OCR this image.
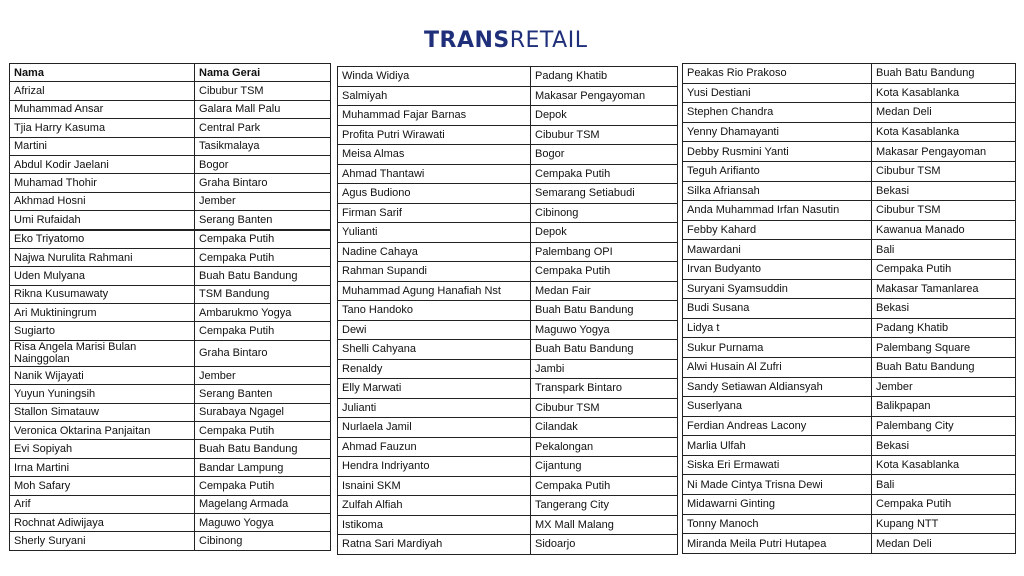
TRANSRETAIL
Nama	Nama Gerai
Afrizal	Cibubur TSM
Muhammad Ansar	Galara Mall Palu
Tjia Harry Kasuma	Central Park
Martini	Tasikmalaya
Abdul Kodir Jaelani	Bogor
Muhamad Thohir	Graha Bintaro
Akhmad Hosni	Jember
Umi Rufaidah	Serang Banten
Eko Triyatomo	Cempaka Putih
Najwa Nurulita Rahmani	Cempaka Putih
Uden Mulyana	Buah Batu Bandung
Rikna Kusumawaty	TSM Bandung
Ari Muktiningrum	Ambarukmo Yogya
Sugiarto	Cempaka Putih
Risa Angela Marisi Bulan Nainggolan	Graha Bintaro
Nanik Wijayati	Jember
Yuyun Yuningsih	Serang Banten
Stallon Simatauw	Surabaya Ngagel
Veronica Oktarina Panjaitan	Cempaka Putih
Evi Sopiyah	Buah Batu Bandung
Irna Martini	Bandar Lampung
Moh Safary	Cempaka Putih
Arif	Magelang Armada
Rochnat Adiwijaya	Maguwo Yogya
Sherly Suryani	Cibinong
Winda Widiya	Padang Khatib
Salmiyah	Makasar Pengayoman
Muhammad Fajar Barnas	Depok
Profita Putri Wirawati	Cibubur TSM
Meisa Almas	Bogor
Ahmad Thantawi	Cempaka Putih
Agus Budiono	Semarang Setiabudi
Firman Sarif	Cibinong
Yulianti	Depok
Nadine Cahaya	Palembang OPI
Rahman Supandi	Cempaka Putih
Muhammad Agung Hanafiah Nst	Medan Fair
Tano Handoko	Buah Batu Bandung
Dewi	Maguwo Yogya
Shelli Cahyana	Buah Batu Bandung
Renaldy	Jambi
Elly Marwati	Transpark Bintaro
Julianti	Cibubur TSM
Nurlaela Jamil	Cilandak
Ahmad Fauzun	Pekalongan
Hendra Indriyanto	Cijantung
Isnaini SKM	Cempaka Putih
Zulfah Alfiah	Tangerang City
Istikoma	MX Mall Malang
Ratna Sari Mardiyah	Sidoarjo
Peakas Rio Prakoso	Buah Batu Bandung
Yusi Destiani	Kota Kasablanka
Stephen Chandra	Medan Deli
Yenny Dhamayanti	Kota Kasablanka
Debby Rusmini Yanti	Makasar Pengayoman
Teguh Arifianto	Cibubur TSM
Silka Afriansah	Bekasi
Anda Muhammad Irfan Nasutin	Cibubur TSM
Febby Kahard	Kawanua Manado
Mawardani	Bali
Irvan Budyanto	Cempaka Putih
Suryani Syamsuddin	Makasar Tamanlarea
Budi Susana	Bekasi
Lidya t	Padang Khatib
Sukur Purnama	Palembang Square
Alwi Husain Al Zufri	Buah Batu Bandung
Sandy Setiawan Aldiansyah	Jember
Suserlyana	Balikpapan
Ferdian Andreas Lacony	Palembang City
Marlia Ulfah	Bekasi
Siska Eri Ermawati	Kota Kasablanka
Ni Made Cintya Trisna Dewi	Bali
Midawarni Ginting	Cempaka Putih
Tonny Manoch	Kupang NTT
Miranda Meila Putri Hutapea	Medan Deli
